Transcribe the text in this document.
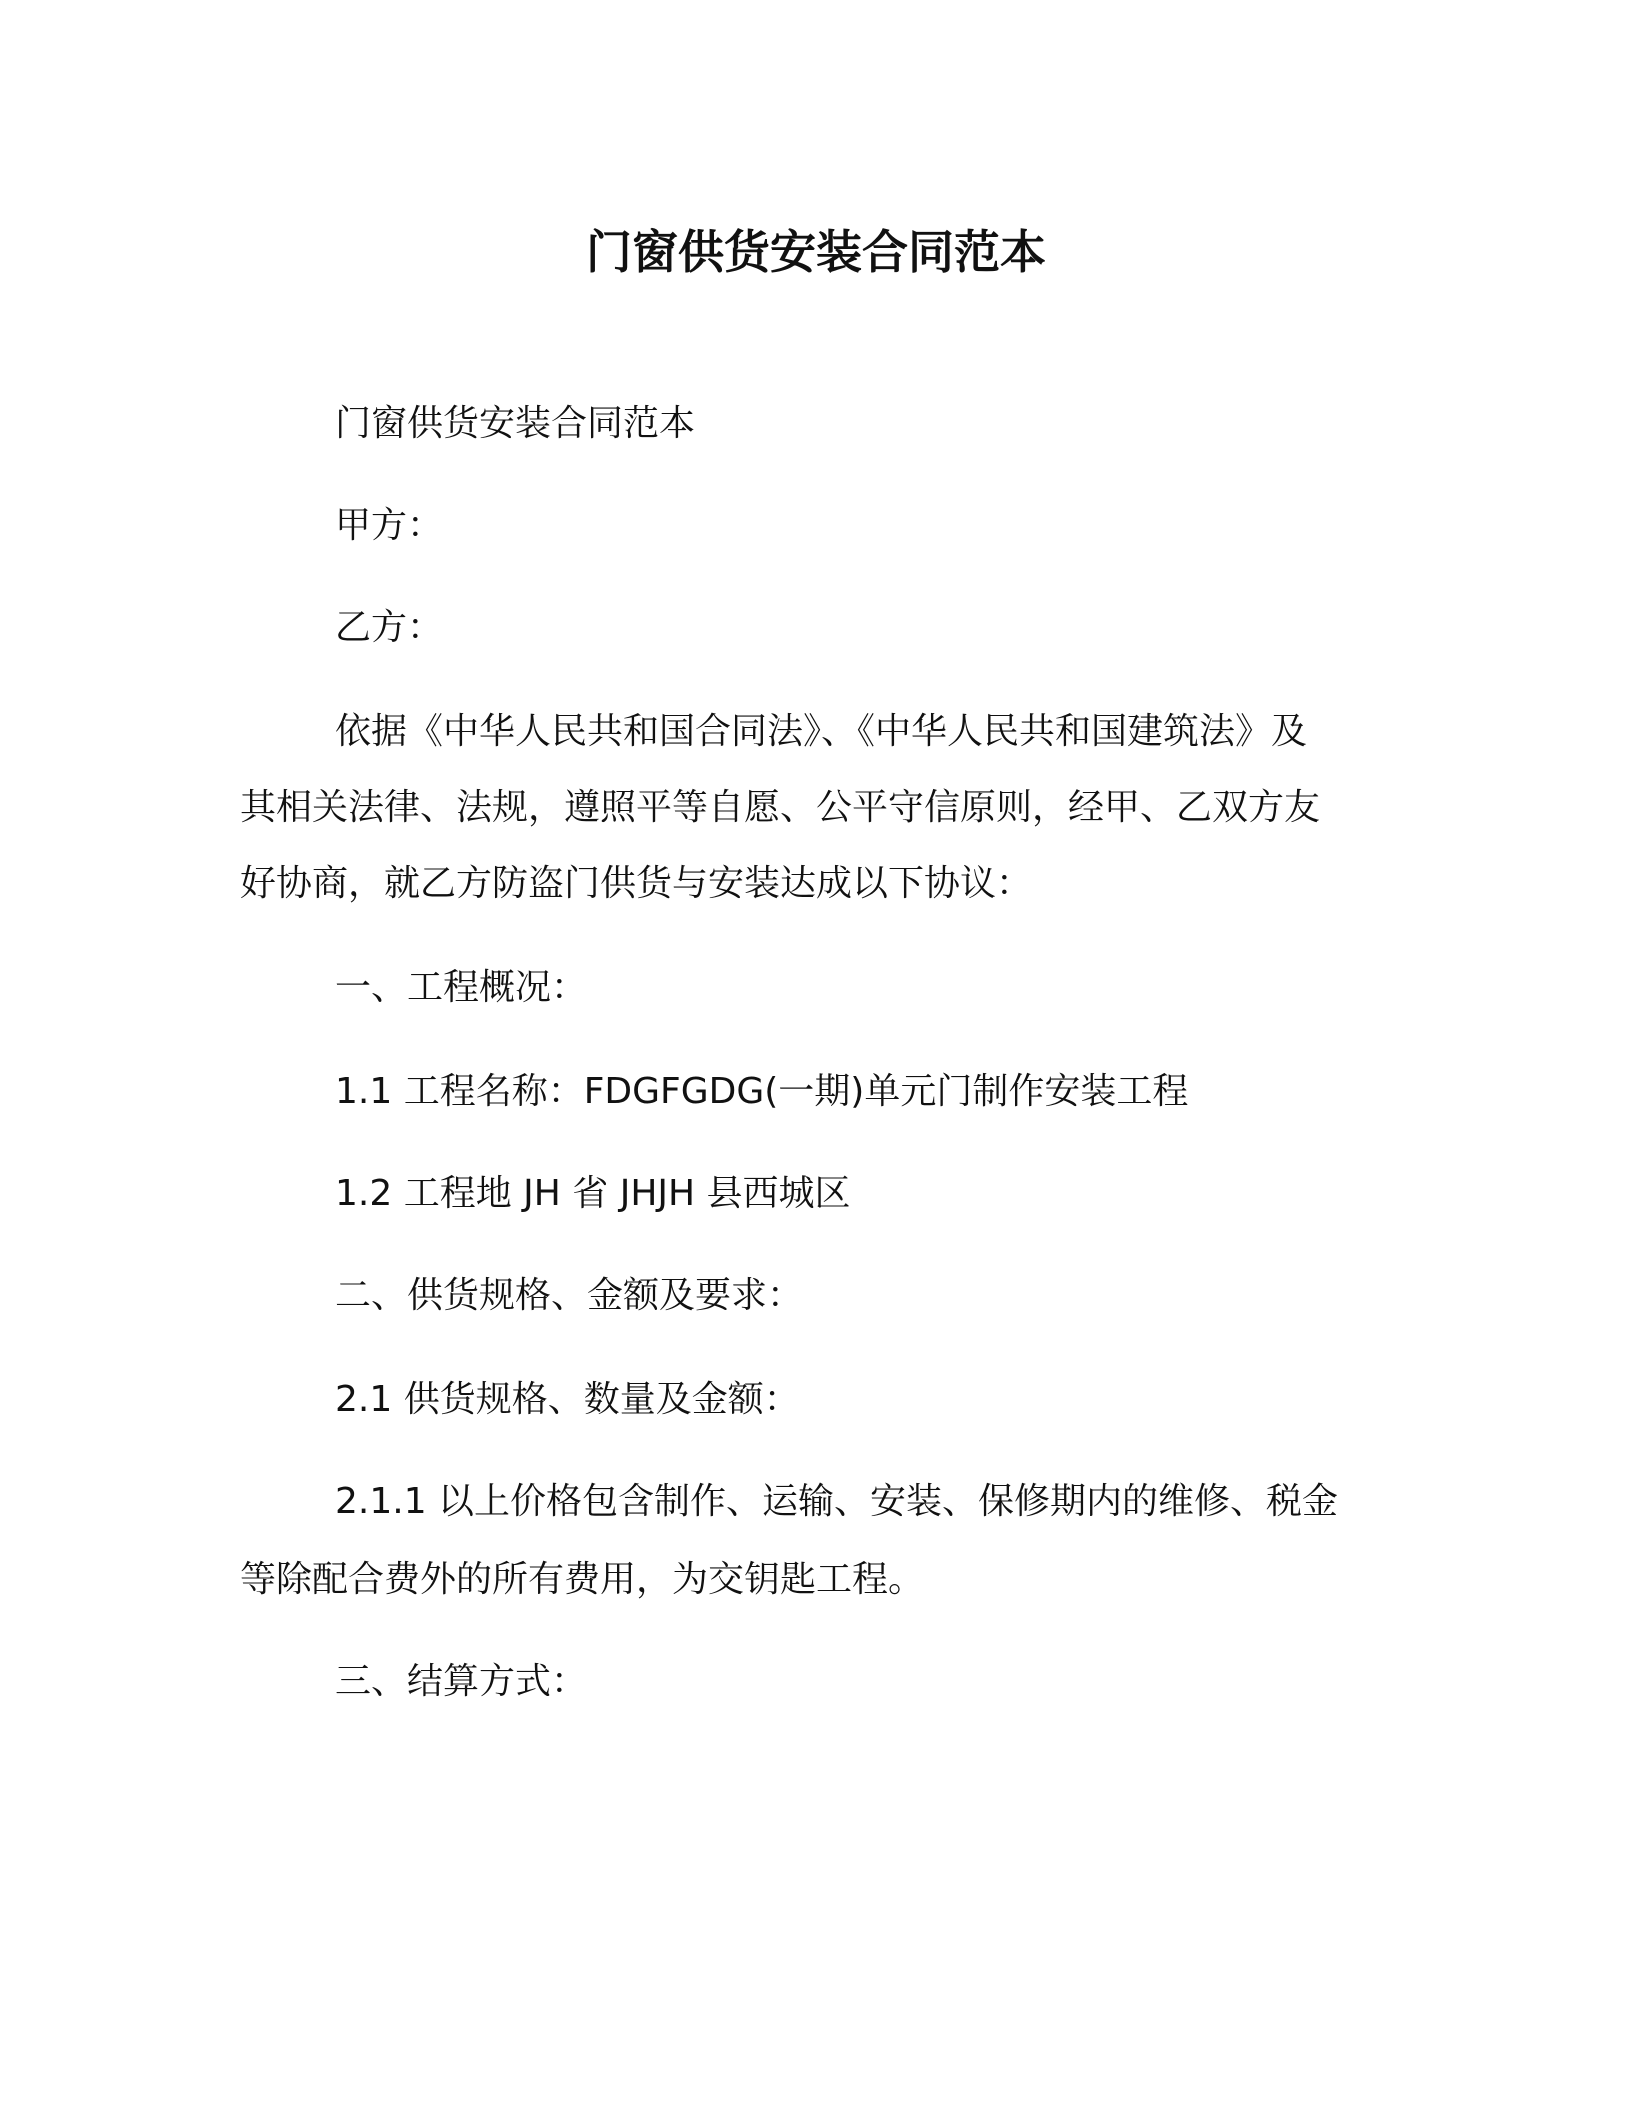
门窗供货安装合同范本

门窗供货安装合同范本

甲方：

乙方：

依据《中华人民共和国合同法》、《中华人民共和国建筑法》及

其相关法律、法规，遵照平等自愿、公平守信原则，经甲、乙双方友

好协商，就乙方防盗门供货与安装达成以下协议：

一、工程概况：

1.1 工程名称：FDGFGDG(一期)单元门制作安装工程

1.2 工程地 JH 省 JHJH 县西城区

二、供货规格、金额及要求：

2.1 供货规格、数量及金额：

2.1.1 以上价格包含制作、运输、安装、保修期内的维修、税金

等除配合费外的所有费用，为交钥匙工程。

三、结算方式：
